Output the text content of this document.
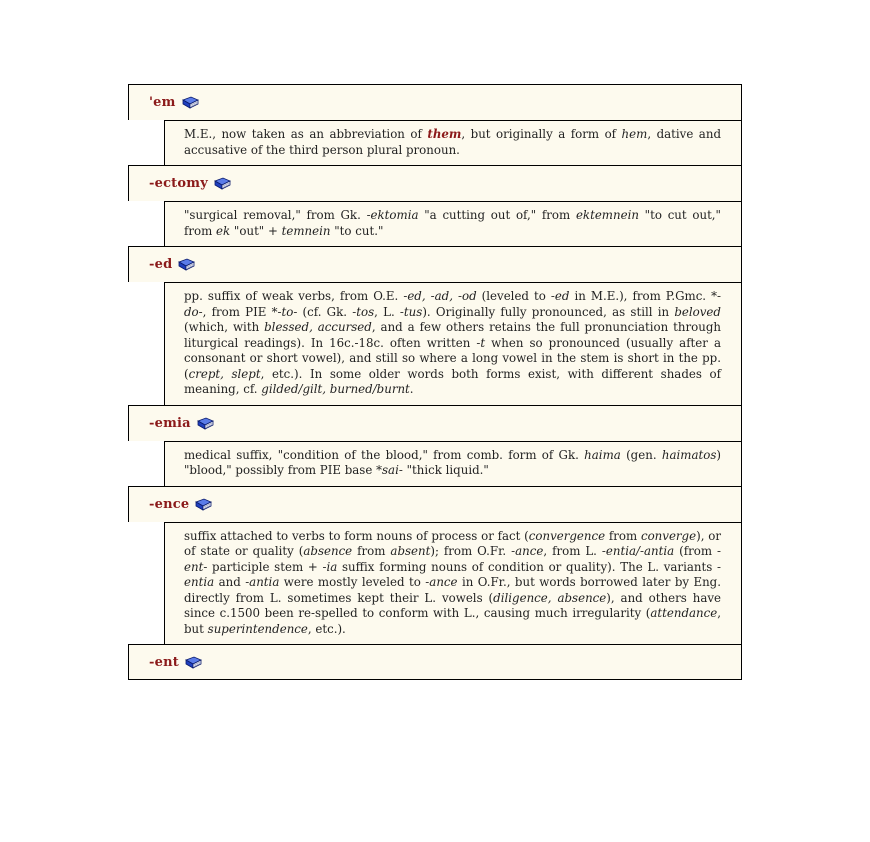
'em
M.E., now taken as an abbreviation of them, but originally a form of hem, dative and accusative of the third person plural pronoun.
-ectomy
"surgical removal," from Gk. -ektomia "a cutting out of," from ektemnein "to cut out," from ek "out" + temnein "to cut."
-ed
pp. suffix of weak verbs, from O.E. -ed, -ad, -od (leveled to -ed in M.E.), from P.Gmc. *-do-, from PIE *-to- (cf. Gk. -tos, L. -tus). Originally fully pronounced, as still in beloved (which, with blessed, accursed, and a few others retains the full pronunciation through liturgical readings). In 16c.-18c. often written -t when so pronounced (usually after a consonant or short vowel), and still so where a long vowel in the stem is short in the pp. (crept, slept, etc.). In some older words both forms exist, with different shades of meaning, cf. gilded/gilt, burned/burnt.
-emia
medical suffix, "condition of the blood," from comb. form of Gk. haima (gen. haimatos) "blood," possibly from PIE base *sai- "thick liquid."
-ence
suffix attached to verbs to form nouns of process or fact (convergence from converge), or of state or quality (absence from absent); from O.Fr. -ance, from L. -entia/-antia (from -ent- participle stem + -ia suffix forming nouns of condition or quality). The L. variants -entia and -antia were mostly leveled to -ance in O.Fr., but words borrowed later by Eng. directly from L. sometimes kept their L. vowels (diligence, absence), and others have since c.1500 been re-spelled to conform with L., causing much irregularity (attendance, but superintendence, etc.).
-ent
